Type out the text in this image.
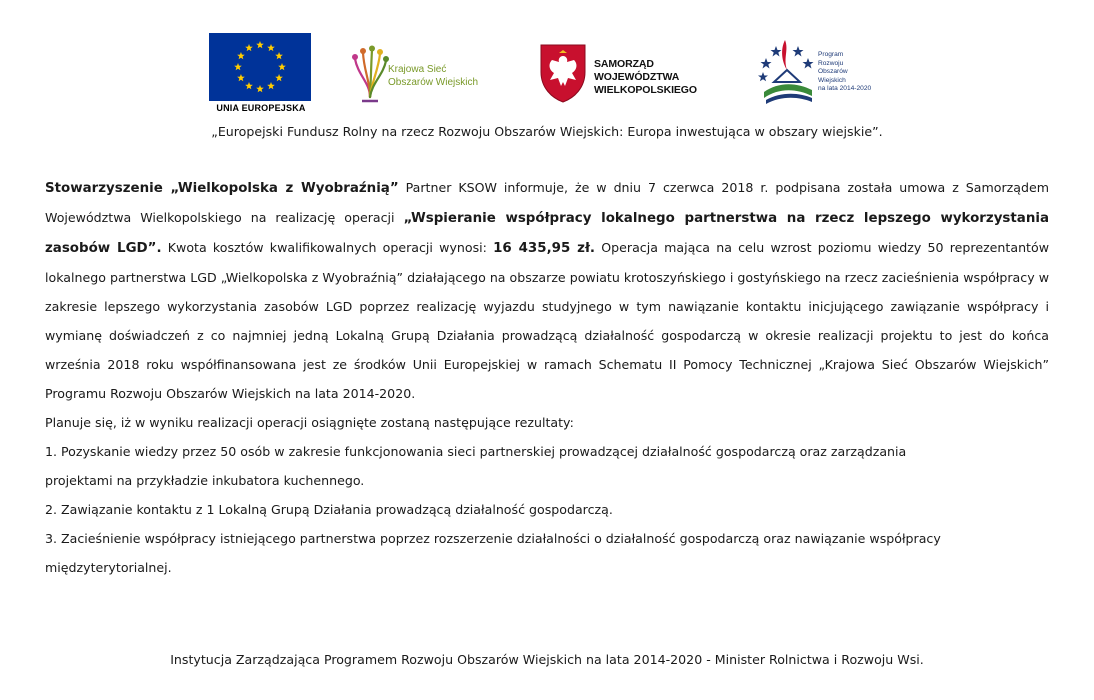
UNIA EUROPEJSKA
Krajowa Sieć
Obszarów Wiejskich
SAMORZĄD WOJEWÓDZTWA
WIELKOPOLSKIEGO
Program
Rozwoju
Obszarów
Wiejskich
na lata 2014-2020
„Europejski Fundusz Rolny na rzecz Rozwoju Obszarów Wiejskich: Europa inwestująca w obszary wiejskie”.

Stowarzyszenie „Wielkopolska z Wyobraźnią” Partner KSOW informuje, że w dniu 7 czerwca 2018 r. podpisana została umowa z Samorządem Województwa Wielkopolskiego na realizację operacji „Wspieranie współpracy lokalnego partnerstwa na rzecz lepszego wykorzystania zasobów LGD”. Kwota kosztów kwalifikowalnych operacji wynosi: 16 435,95 zł. Operacja mająca na celu wzrost poziomu wiedzy 50 reprezentantów lokalnego partnerstwa LGD „Wielkopolska z Wyobraźnią” działającego na obszarze powiatu krotoszyńskiego i gostyńskiego na rzecz zacieśnienia współpracy w zakresie lepszego wykorzystania zasobów LGD poprzez realizację wyjazdu studyjnego w tym nawiązanie kontaktu inicjującego zawiązanie współpracy i wymianę doświadczeń z co najmniej jedną Lokalną Grupą Działania prowadzącą działalność gospodarczą w okresie realizacji projektu to jest do końca września 2018 roku współfinansowana jest ze środków Unii Europejskiej w ramach Schematu II Pomocy Technicznej „Krajowa Sieć Obszarów Wiejskich” Programu Rozwoju Obszarów Wiejskich na lata 2014-2020.

Planuje się, iż w wyniku realizacji operacji osiągnięte zostaną następujące rezultaty:

1. Pozyskanie wiedzy przez 50 osób w zakresie funkcjonowania sieci partnerskiej prowadzącej działalność gospodarczą oraz zarządzania

projektami na przykładzie inkubatora kuchennego.

2. Zawiązanie kontaktu z 1 Lokalną Grupą Działania prowadzącą działalność gospodarczą.

3. Zacieśnienie współpracy istniejącego partnerstwa poprzez rozszerzenie działalności o działalność gospodarczą oraz nawiązanie współpracy

międzyterytorialnej.

Instytucja Zarządzająca Programem Rozwoju Obszarów Wiejskich na lata 2014-2020 - Minister Rolnictwa i Rozwoju Wsi.
